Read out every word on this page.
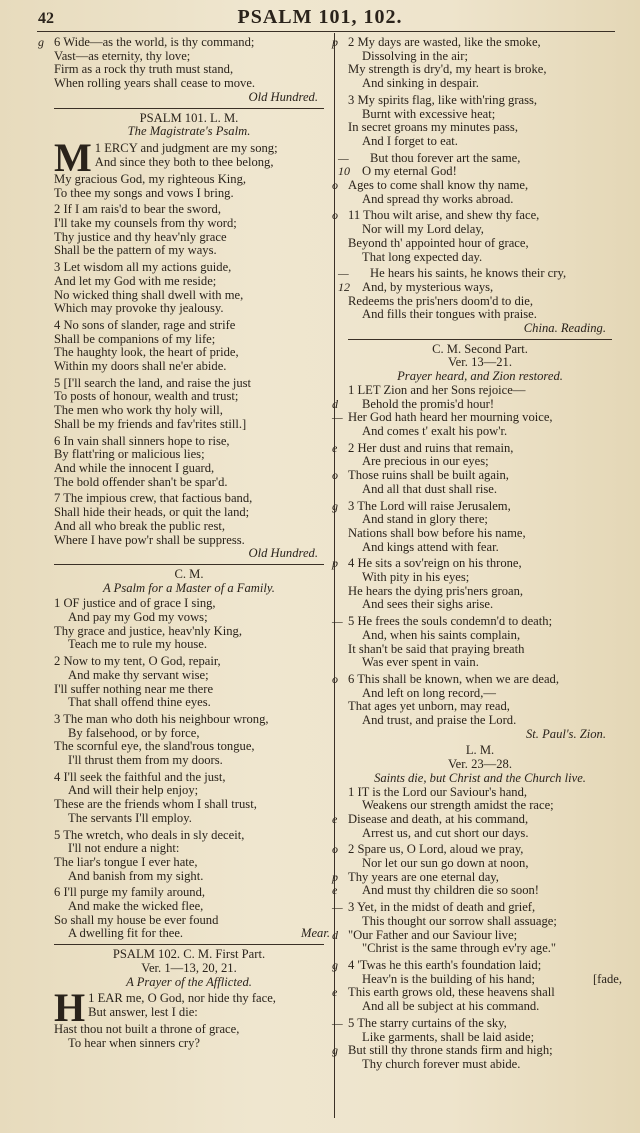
42	PSALM 101, 102.
g 6 Wide—as the world, is thy command;
Vast—as eternity, thy love;
Firm as a rock thy truth must stand,
When rolling years shall cease to move.
Old Hundred.
PSALM 101. L. M.
The Magistrate's Psalm.
1
M ERCY and judgment are my song;
And since they both to thee belong,
My gracious God, my righteous King,
To thee my songs and vows I bring.
2 If I am rais'd to bear the sword,
I'll take my counsels from thy word;
Thy justice and thy heav'nly grace
Shall be the pattern of my ways.
3 Let wisdom all my actions guide,
And let my God with me reside;
No wicked thing shall dwell with me,
Which may provoke thy jealousy.
4 No sons of slander, rage and strife
Shall be companions of my life;
The haughty look, the heart of pride,
Within my doors shall ne'er abide.
5 [I'll search the land, and raise the just
To posts of honour, wealth and trust;
The men who work thy holy will,
Shall be my friends and fav'rites still.]
6 In vain shall sinners hope to rise,
By flatt'ring or malicious lies;
And while the innocent I guard,
The bold offender shan't be spar'd.
7 The impious crew, that factious band,
Shall hide their heads, or quit the land;
And all who break the public rest,
Where I have pow'r shall be suppress.
Old Hundred.
C. M.
A Psalm for a Master of a Family.
1 OF justice and of grace I sing,
And pay my God my vows;
Thy grace and justice, heav'nly King,
Teach me to rule my house.
2 Now to my tent, O God, repair,
And make thy servant wise;
I'll suffer nothing near me there
That shall offend thine eyes.
3 The man who doth his neighbour wrong,
By falsehood, or by force,
The scornful eye, the sland'rous tongue,
I'll thrust them from my doors.
4 I'll seek the faithful and the just,
And will their help enjoy;
These are the friends whom I shall trust,
The servants I'll employ.
5 The wretch, who deals in sly deceit,
I'll not endure a night:
The liar's tongue I ever hate,
And banish from my sight.
6 I'll purge my family around,
And make the wicked flee,
So shall my house be ever found
A dwelling fit for thee.	Mear.
PSALM 102. C. M. First Part.
Ver. 1—13, 20, 21.
A Prayer of the Afflicted.
1
H EAR me, O God, nor hide thy face,
But answer, lest I die:
Hast thou not built a throne of grace,
To hear when sinners cry?
p 2 My days are wasted, like the smoke,
Dissolving in the air;
My strength is dry'd, my heart is broke,
And sinking in despair.
3 My spirits flag, like with'ring grass,
Burnt with excessive heat;
In secret groans my minutes pass,
And I forget to eat.
—10
But thou forever art the same,
O my eternal God!
o Ages to come shall know thy name,
And spread thy works abroad.
o 11 Thou wilt arise, and shew thy face,
Nor will my Lord delay,
Beyond th' appointed hour of grace,
That long expected day.
—12
He hears his saints, he knows their cry,
And, by mysterious ways,
Redeems the pris'ners doom'd to die,
And fills their tongues with praise.
China. Reading.
C. M. Second Part.
Ver. 13—21.
Prayer heard, and Zion restored.
1 LET Zion and her Sons rejoice—
d	Behold the promis'd hour!
— Her God hath heard her mourning voice,
And comes t' exalt his pow'r.
e 2 Her dust and ruins that remain,
Are precious in our eyes;
o Those ruins shall be built again,
And all that dust shall rise.
g 3 The Lord will raise Jerusalem,
And stand in glory there;
Nations shall bow before his name,
And kings attend with fear.
p 4 He sits a sov'reign on his throne,
With pity in his eyes;
He hears the dying pris'ners groan,
And sees their sighs arise.
— 5 He frees the souls condemn'd to death;
And, when his saints complain,
It shan't be said that praying breath
Was ever spent in vain.
o 6 This shall be known, when we are dead,
And left on long record,—
That ages yet unborn, may read,
And trust, and praise the Lord.
St. Paul's. Zion.
L. M.
Ver. 23—28.
Saints die, but Christ and the Church live.
1 IT is the Lord our Saviour's hand,
Weakens our strength amidst the race;
e Disease and death, at his command,
Arrest us, and cut short our days.
o 2 Spare us, O Lord, aloud we pray,
Nor let our sun go down at noon,
p Thy years are one eternal day,
e	And must thy children die so soon!
— 3 Yet, in the midst of death and grief,
This thought our sorrow shall assuage;
d "Our Father and our Saviour live;
"Christ is the same through ev'ry age."
g 4 'Twas he this earth's foundation laid;
Heav'n is the building of his hand;	[fade,
e This earth grows old, these heavens shall
And all be subject at his command.
— 5 The starry curtains of the sky,
Like garments, shall be laid aside;
g But still thy throne stands firm and high;
Thy church forever must abide.
